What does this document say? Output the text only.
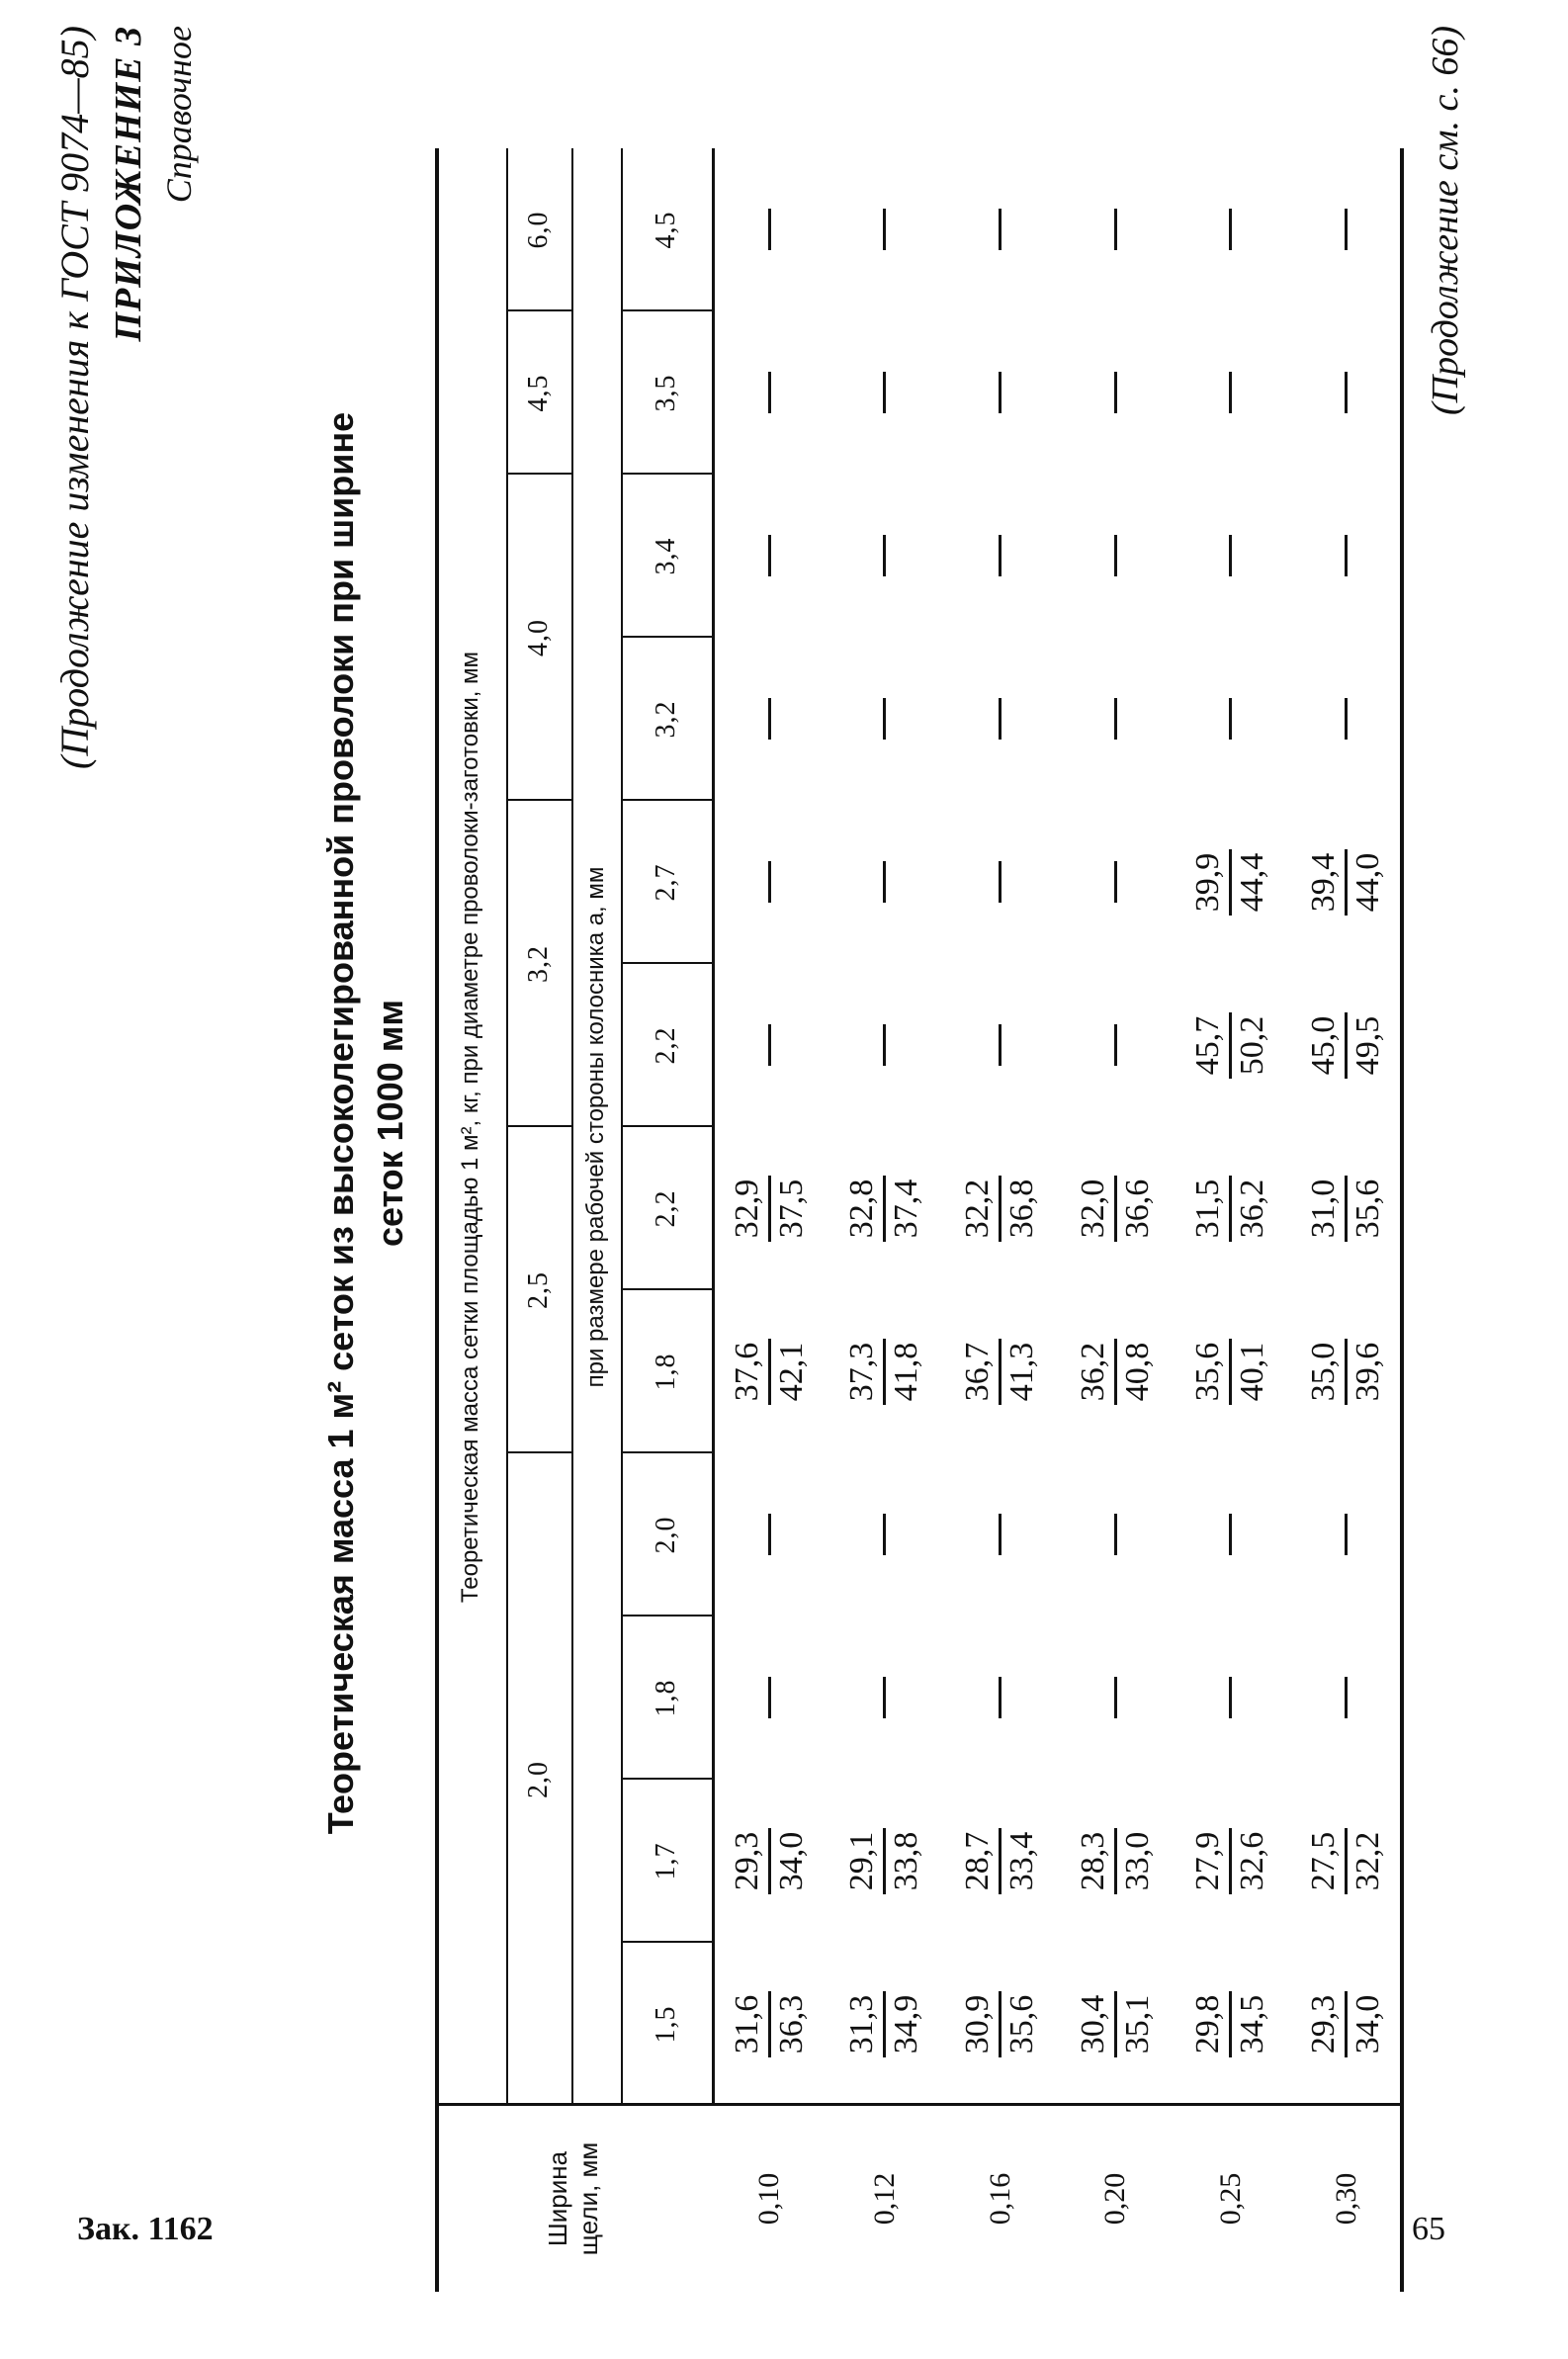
(Продолжение изменения к ГОСТ 9074—85) ПРИЛОЖЕНИЕ 3 Справочное
Теоретическая масса 1 м² сеток из высоколегированной проволоки при ширине сеток 1000 мм
Ширина щели, мм
Теоретическая масса сетки площадью 1 м², кг, при диаметре проволоки-заготовки, мм	при размере рабочей стороны колосника a, мм
2,0
2,5
3,2
4,0
4,5
6,0
1,5
1,7
1,8
2,0
1,8
2,2
2,2
2,7
3,2
3,4
3,5
4,5
0,10
31,6 36,3
29,3 34,0
37,6 42,1
32,9 37,5
0,12
31,3 34,9
29,1 33,8
37,3 41,8
32,8 37,4
0,16
30,9 35,6
28,7 33,4
36,7 41,3
32,2 36,8
0,20
30,4 35,1
28,3 33,0
36,2 40,8
32,0 36,6
0,25
29,8 34,5
27,9 32,6
35,6 40,1
31,5 36,2
45,7 50,2
39,9 44,4
0,30
29,3 34,0
27,5 32,2
35,0 39,6
31,0 35,6
45,0 49,5
39,4 44,0
(Продолжение см. с. 66)
Зак. 1162	65
